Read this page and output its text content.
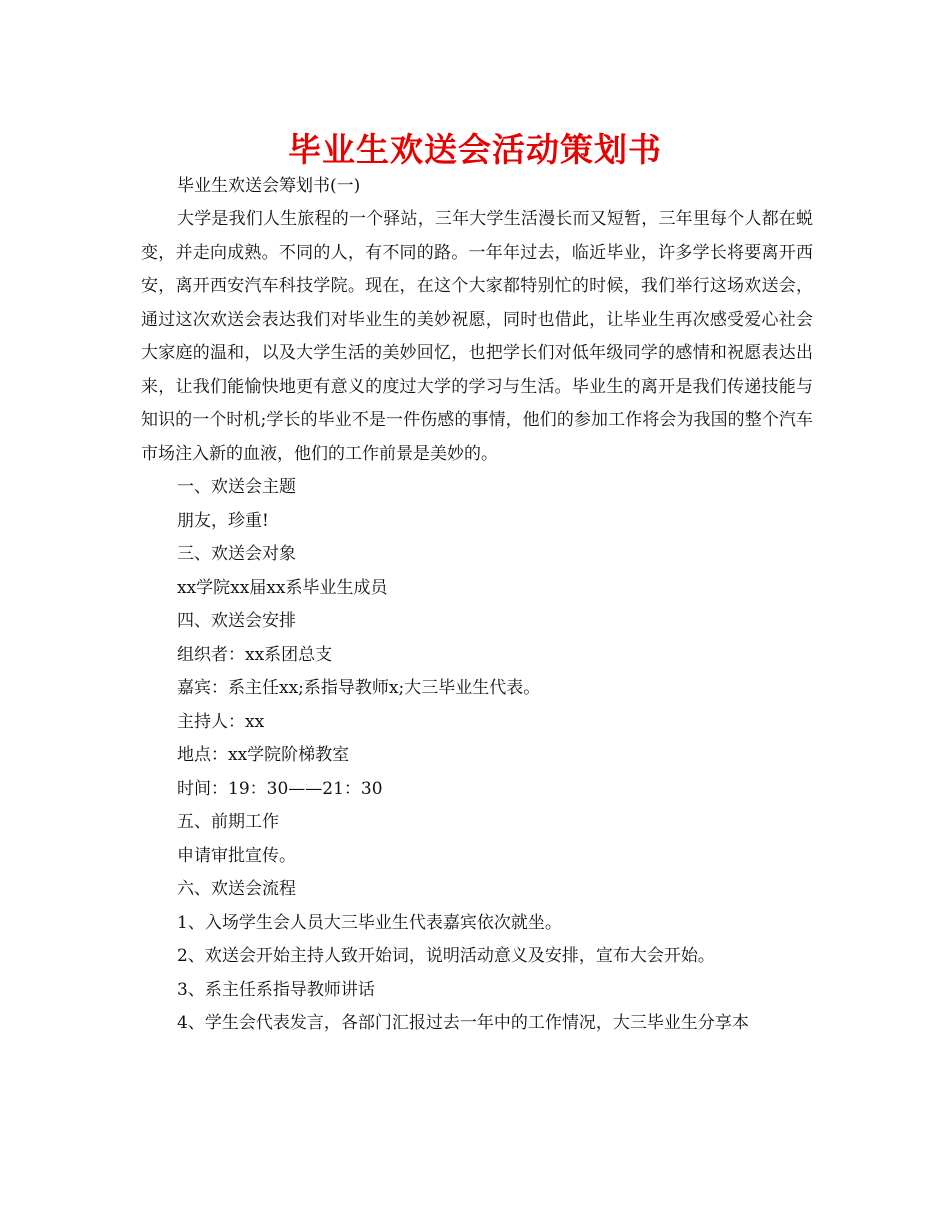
毕业生欢送会活动策划书

毕业生欢送会筹划书(一)

大学是我们人生旅程的一个驿站，三年大学生活漫长而又短暂，三年里每个人都在蜕变，并走向成熟。不同的人，有不同的路。一年年过去，临近毕业，许多学长将要离开西安，离开西安汽车科技学院。现在，在这个大家都特别忙的时候，我们举行这场欢送会，通过这次欢送会表达我们对毕业生的美妙祝愿，同时也借此，让毕业生再次感受爱心社会大家庭的温和，以及大学生活的美妙回忆，也把学长们对低年级同学的感情和祝愿表达出来，让我们能愉快地更有意义的度过大学的学习与生活。毕业生的离开是我们传递技能与知识的一个时机;学长的毕业不是一件伤感的事情，他们的参加工作将会为我国的整个汽车市场注入新的血液，他们的工作前景是美妙的。

一、欢送会主题

朋友，珍重!

三、欢送会对象

xx学院xx届xx系毕业生成员

四、欢送会安排

组织者：xx系团总支

嘉宾：系主任xx;系指导教师x;大三毕业生代表。

主持人：xx

地点：xx学院阶梯教室

时间：19：30——21：30

五、前期工作

申请审批宣传。

六、欢送会流程

1、入场学生会人员大三毕业生代表嘉宾依次就坐。

2、欢送会开始主持人致开始词，说明活动意义及安排，宣布大会开始。

3、系主任系指导教师讲话

4、学生会代表发言，各部门汇报过去一年中的工作情况，大三毕业生分享本
